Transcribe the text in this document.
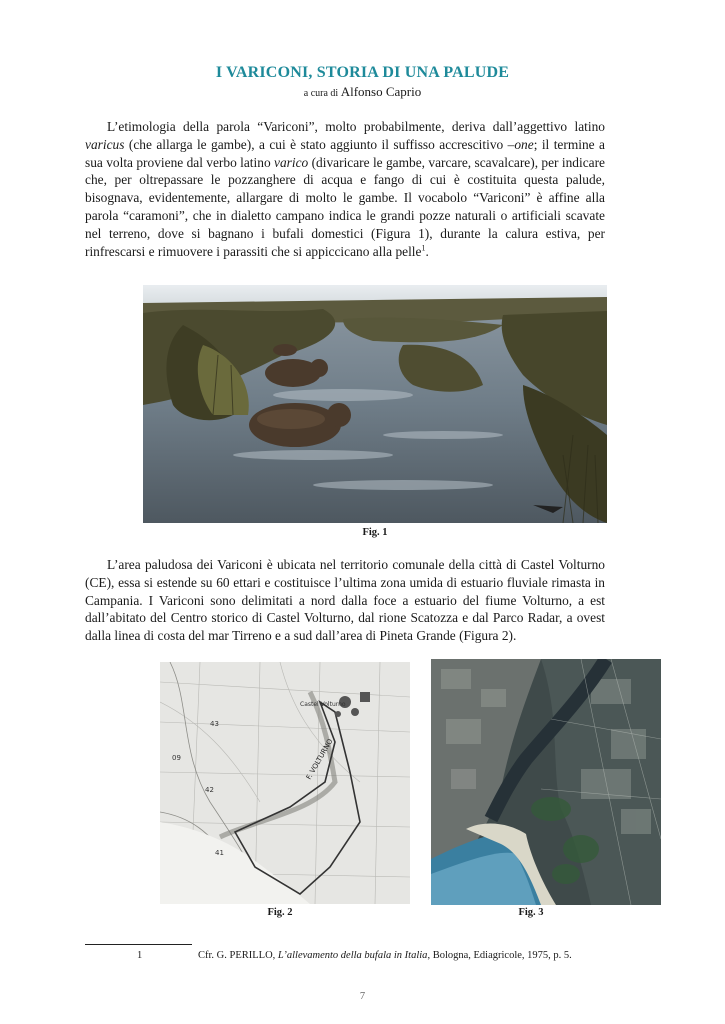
I VARICONI, STORIA DI UNA PALUDE
a cura di Alfonso Caprio

L’etimologia della parola “Variconi”, molto probabilmente, deriva dall’aggettivo latino varicus (che allarga le gambe), a cui è stato aggiunto il suffisso accrescitivo –one; il termine a sua volta proviene dal verbo latino varico (divaricare le gambe, varcare, scavalcare), per indicare che, per oltrepassare le pozzanghere di acqua e fango di cui è costituita questa palude, bisognava, evidentemente, allargare di molto le gambe. Il vocabolo “Variconi” è affine alla parola “caramoni”, che in dialetto campano indica le grandi pozze naturali o artificiali scavate nel terreno, dove si bagnano i bufali domestici (Figura 1), durante la calura estiva, per rinfrescarsi e rimuovere i parassiti che si appiccicano alla pelle$^1$.

Fig. 1

L’area paludosa dei Variconi è ubicata nel territorio comunale della città di Castel Volturno (CE), essa si estende su 60 ettari e costituisce l’ultima zona umida di estuario fluviale rimasta in Campania. I Variconi sono delimitati a nord dalla foce a estuario del fiume Volturno, a est dall’abitato del Centro storico di Castel Volturno, dal rione Scatozza e dal Parco Radar, a ovest dalla linea di costa del mar Tirreno e a sud dall’area di Pineta Grande (Figura 2).

Castel Volturno
F. VOLTURNO
43
42
41
09
Fig. 2	Fig. 3
1	Cfr. G. PERILLO, L’allevamento della bufala in Italia, Bologna, Ediagricole, 1975, p. 5.
7
